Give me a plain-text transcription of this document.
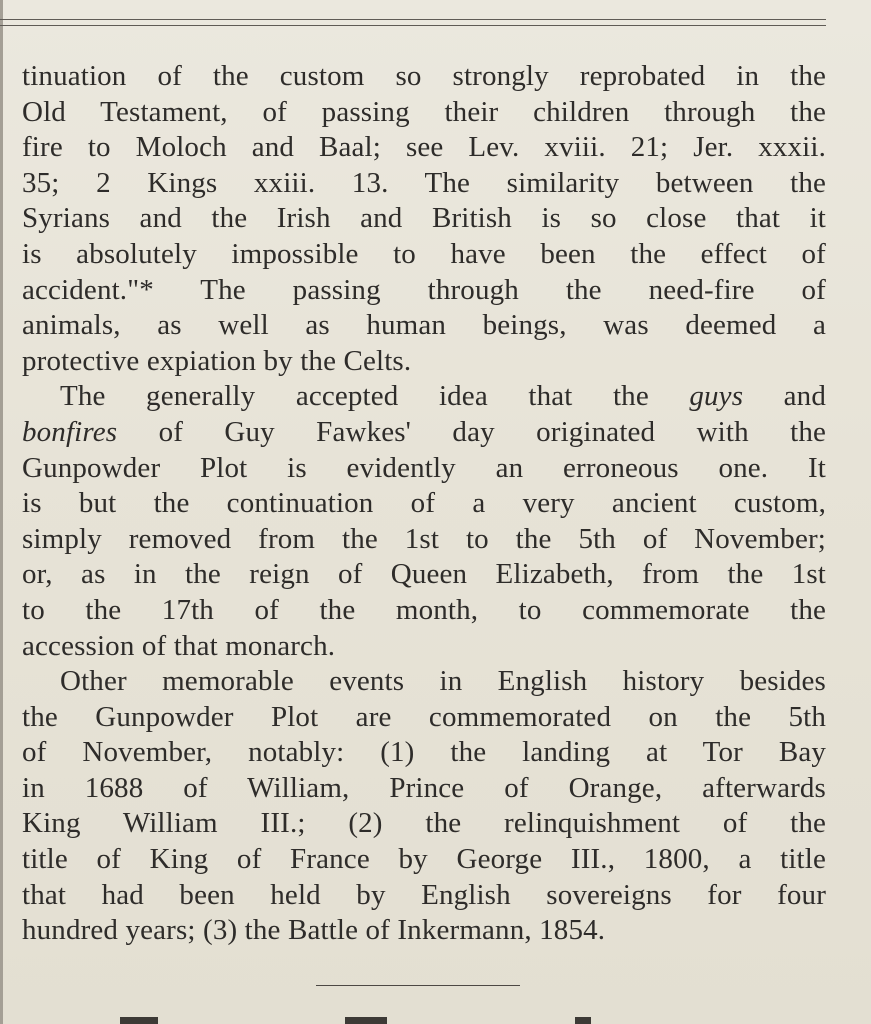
tinuation of the custom so strongly reprobated in the
Old Testament, of passing their children through the
fire to Moloch and Baal; see Lev. xviii. 21; Jer. xxxii.
35; 2 Kings xxiii. 13. The similarity between the
Syrians and the Irish and British is so close that it
is absolutely impossible to have been the effect of
accident."* The passing through the need-fire of
animals, as well as human beings, was deemed a
protective expiation by the Celts.
The generally accepted idea that the guys and
bonfires of Guy Fawkes' day originated with the
Gunpowder Plot is evidently an erroneous one. It
is but the continuation of a very ancient custom,
simply removed from the 1st to the 5th of November;
or, as in the reign of Queen Elizabeth, from the 1st
to the 17th of the month, to commemorate the
accession of that monarch.
Other memorable events in English history besides
the Gunpowder Plot are commemorated on the 5th
of November, notably: (1) the landing at Tor Bay
in 1688 of William, Prince of Orange, afterwards
King William III.; (2) the relinquishment of the
title of King of France by George III., 1800, a title
that had been held by English sovereigns for four
hundred years; (3) the Battle of Inkermann, 1854.
